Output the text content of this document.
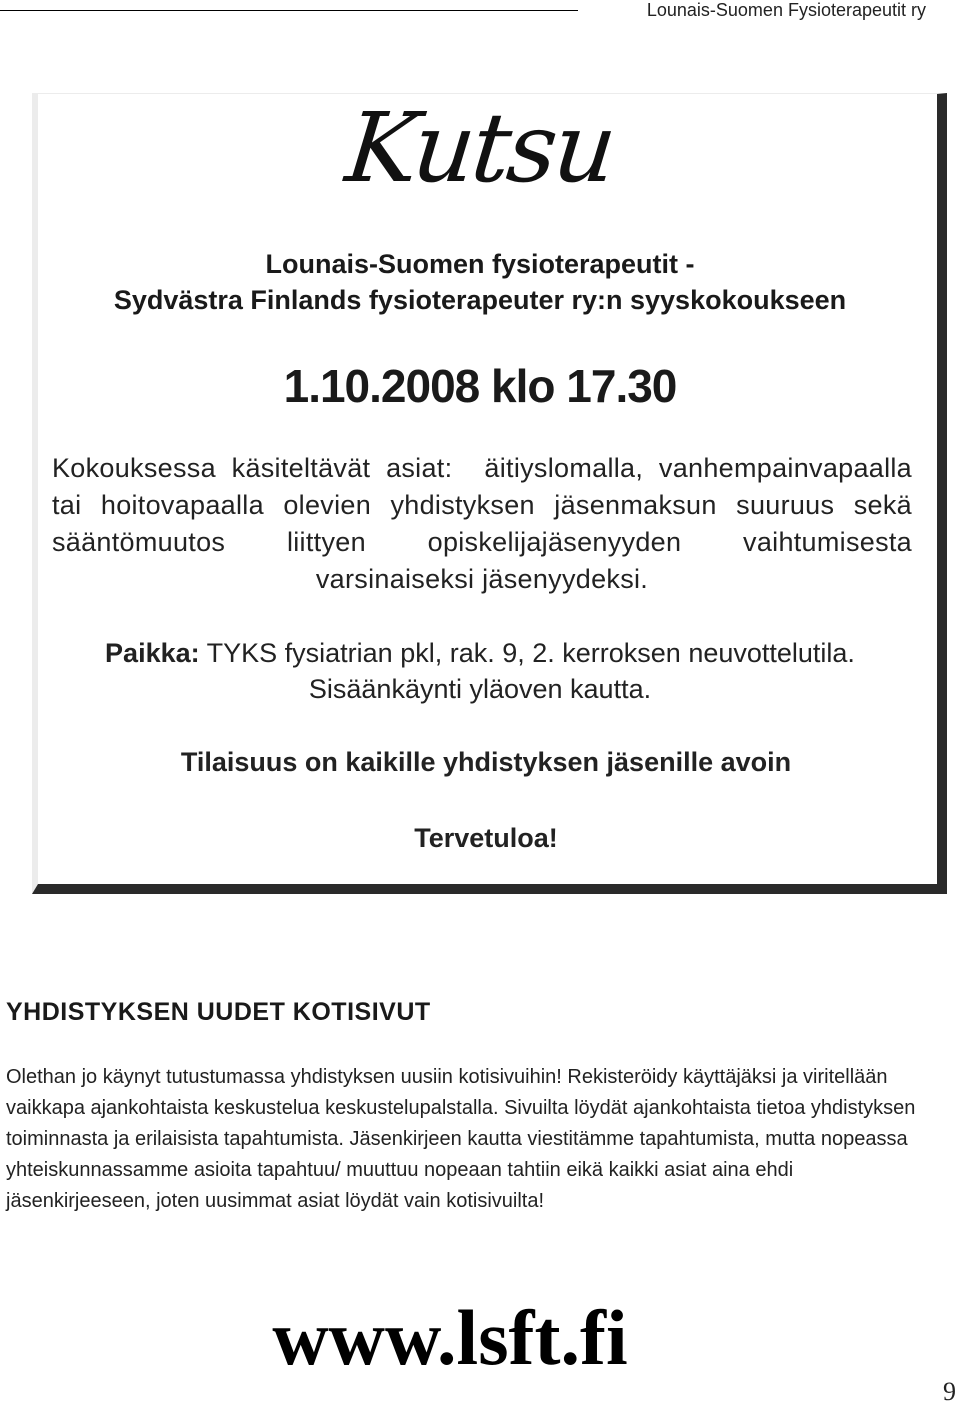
Lounais-Suomen Fysioterapeutit ry
Kutsu
Lounais-Suomen fysioterapeutit -
Sydvästra Finlands fysioterapeuter ry:n syyskokoukseen
1.10.2008 klo 17.30
Kokouksessa käsiteltävät asiat: äitiyslomalla, vanhempainvapaalla tai hoitovapaalla olevien yhdistyksen jäsenmaksun suuruus sekä sääntömuutos liittyen opiskelijajäsenyyden vaihtumisesta varsinaiseksi jäsenyydeksi.
Paikka: TYKS fysiatrian pkl, rak. 9, 2. kerroksen neuvottelutila.
Sisäänkäynti yläoven kautta.
Tilaisuus on kaikille yhdistyksen jäsenille avoin
Tervetuloa!
YHDISTYKSEN UUDET KOTISIVUT
Olethan jo käynyt tutustumassa yhdistyksen uusiin kotisivuihin! Rekisteröidy käyttäjäksi ja viritellään vaikkapa ajankohtaista keskustelua keskustelupalstalla. Sivuilta löydät ajankohtaista tietoa yhdistyksen toiminnasta ja erilaisista tapahtumista. Jäsenkirjeen kautta viestitämme tapahtumista, mutta nopeassa yhteiskunnassamme asioita tapahtuu/ muuttuu nopeaan tahtiin eikä kaikki asiat aina ehdi jäsenkirjeeseen, joten uusimmat asiat löydät vain kotisivuilta!
www.lsft.fi
9
